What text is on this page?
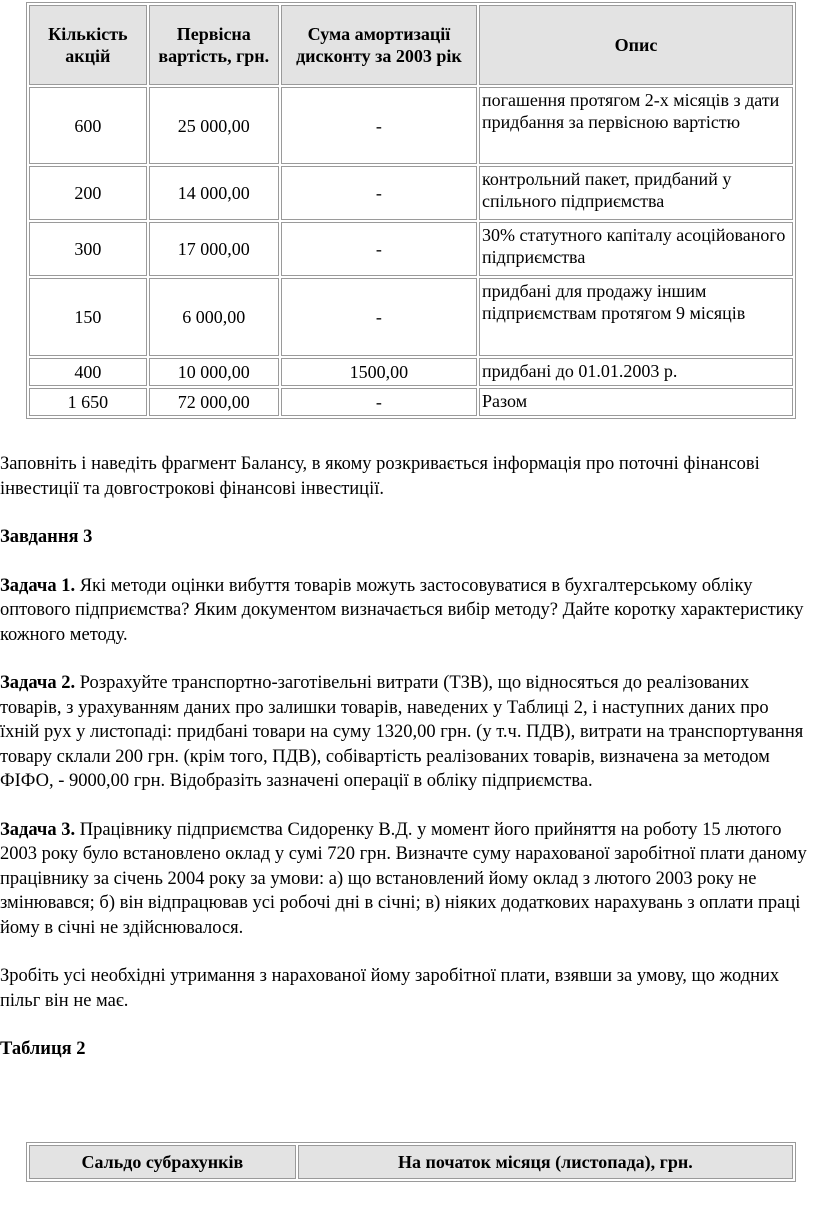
Кількість акцій	Первісна вартість, грн.	Сума амортизації дисконту за 2003 рік	Опис
600	25 000,00	-	погашення протягом 2-х місяців з дати придбання за первісною вартістю
200	14 000,00	-	контрольний пакет, придбаний у спільного підприємства
300	17 000,00	-	30% статутного капіталу асоційованого підприємства
150	6 000,00	-	придбані для продажу іншим підприємствам протягом 9 місяців
400	10 000,00	1500,00	придбані до 01.01.2003 р.
1 650	72 000,00	-	Разом

Заповніть і наведіть фрагмент Балансу, в якому розкривається інформація про поточні фінансові інвестиції та довгострокові фінансові інвестиції.

Завдання 3

Задача 1. Які методи оцінки вибуття товарів можуть застосовуватися в бухгалтерському обліку оптового підприємства? Яким документом визначається вибір методу? Дайте коротку характеристику кожного методу.

Задача 2. Розрахуйте транспортно-заготівельні витрати (ТЗВ), що відносяться до реалізованих товарів, з урахуванням даних про залишки товарів, наведених у Таблиці 2, і наступних даних про їхній рух у листопаді: придбані товари на суму 1320,00 грн. (у т.ч. ПДВ), витрати на транспортування товару склали 200 грн. (крім того, ПДВ), собівартість реалізованих товарів, визначена за методом ФІФО, - 9000,00 грн. Відобразіть зазначені операції в обліку підприємства.

Задача 3. Працівнику підприємства Сидоренку В.Д. у момент його прийняття на роботу 15 лютого 2003 року було встановлено оклад у сумі 720 грн. Визначте суму нарахованої заробітної плати даному працівнику за січень 2004 року за умови: а) що встановлений йому оклад з лютого 2003 року не змінювався; б) він відпрацював усі робочі дні в січні; в) ніяких додаткових нарахувань з оплати праці йому в січні не здійснювалося.

Зробіть усі необхідні утримання з нарахованої йому заробітної плати, взявши за умову, що жодних пільг він не має.

Таблиця 2

Сальдо субрахунків	На початок місяця (листопада), грн.
